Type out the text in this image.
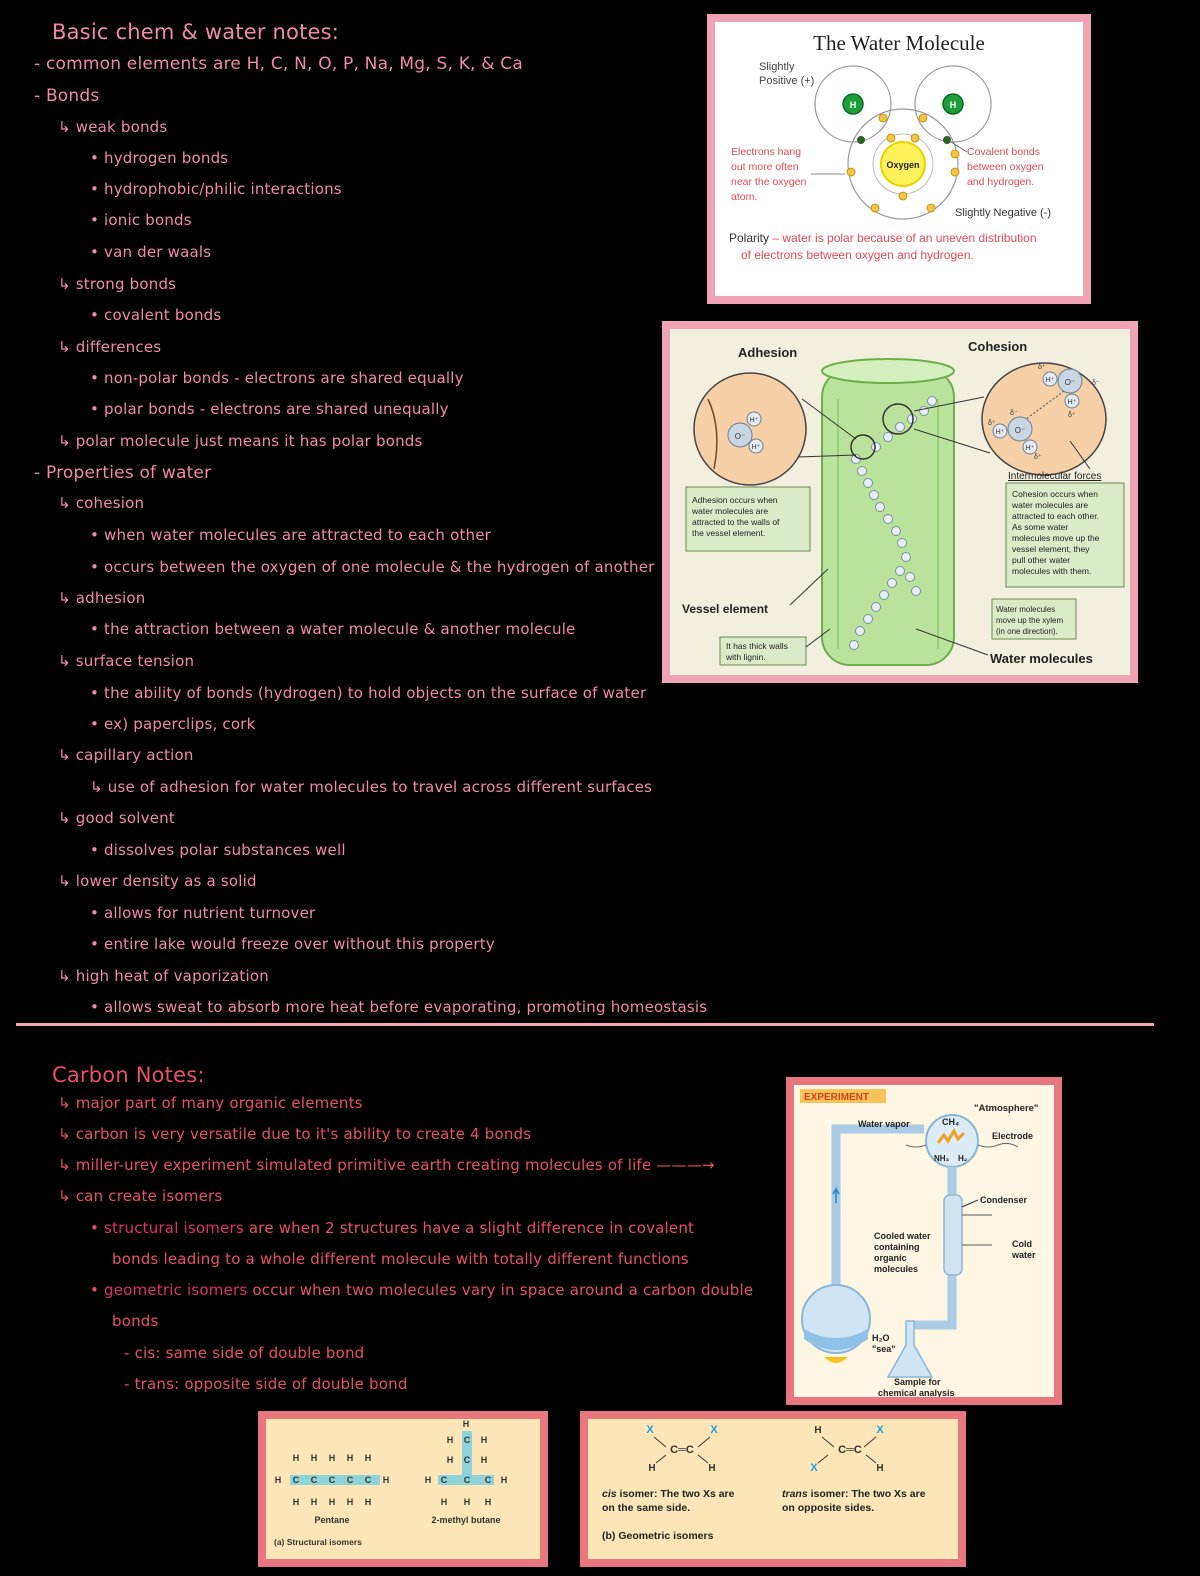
Basic chem & water notes:
- common elements are H, C, N, O, P, Na, Mg, S, K, & Ca
- Bonds
↳ weak bonds
• hydrogen bonds
• hydrophobic/philic interactions
• ionic bonds
• van der waals
↳ strong bonds
• covalent bonds
↳ differences
• non-polar bonds - electrons are shared equally
• polar bonds - electrons are shared unequally
↳ polar molecule just means it has polar bonds
- Properties of water
↳ cohesion
• when water molecules are attracted to each other
• occurs between the oxygen of one molecule & the hydrogen of another
↳ adhesion
• the attraction between a water molecule & another molecule
↳ surface tension
• the ability of bonds (hydrogen) to hold objects on the surface of water
• ex) paperclips, cork
↳ capillary action
↳ use of adhesion for water molecules to travel across different surfaces
↳ good solvent
• dissolves polar substances well
↳ lower density as a solid
• allows for nutrient turnover
• entire lake would freeze over without this property
↳ high heat of vaporization
• allows sweat to absorb more heat before evaporating, promoting homeostasis
Carbon Notes:
↳ major part of many organic elements
↳ carbon is very versatile due to it's ability to create 4 bonds
↳ miller-urey experiment simulated primitive earth creating molecules of life ———→
↳ can create isomers
• structural isomers are when 2 structures have a slight difference in covalent
bonds leading to a whole different molecule with totally different functions
• geometric isomers occur when two molecules vary in space around a carbon double
bonds
- cis: same side of double bond
- trans: opposite side of double bond
The Water Molecule
Slightly
Positive (+)
Oxygen
H	H
Electrons hang
out more often
near the oxygen
atom.
Covalent bonds
between oxygen
and hydrogen.
Slightly Negative (-)
Polarity – water is polar because of an uneven distribution
of electrons between oxygen and hydrogen.
Adhesion
O⁻
H⁺
H⁺
Cohesion
O⁻
H⁺
H⁺
O⁻
H⁺
H⁺
δ⁺
δ⁻
δ⁻	δ⁺
δ⁺
δ⁺
Intermolecular forces
Adhesion occurs when
water molecules are
attracted to the walls of
the vessel element.
Cohesion occurs when
water molecules are
attracted to each other.
As some water
molecules move up the
vessel element, they
pull other water
molecules with them.
Vessel element
It has thick walls
with lignin.
Water molecules
move up the xylem
(in one direction).
Water molecules
EXPERIMENT
"Atmosphere"
CH₄
NH₃ H₂
Electrode
Water vapor
Condenser
Cold
water
Cooled water
containing
organic
molecules
H₂O
"sea"
Sample for
chemical analysis
H C C C C C H
H H H H H
H H H H H
Pentane
H
H C H
H C H
H C C C H
H H H
2-methyl butane
(a) Structural isomers
X	X
C═C
H	H
H	X
C═C
X	H
cis isomer: The two Xs are
on the same side.
trans isomer: The two Xs are
on opposite sides.
(b) Geometric isomers
